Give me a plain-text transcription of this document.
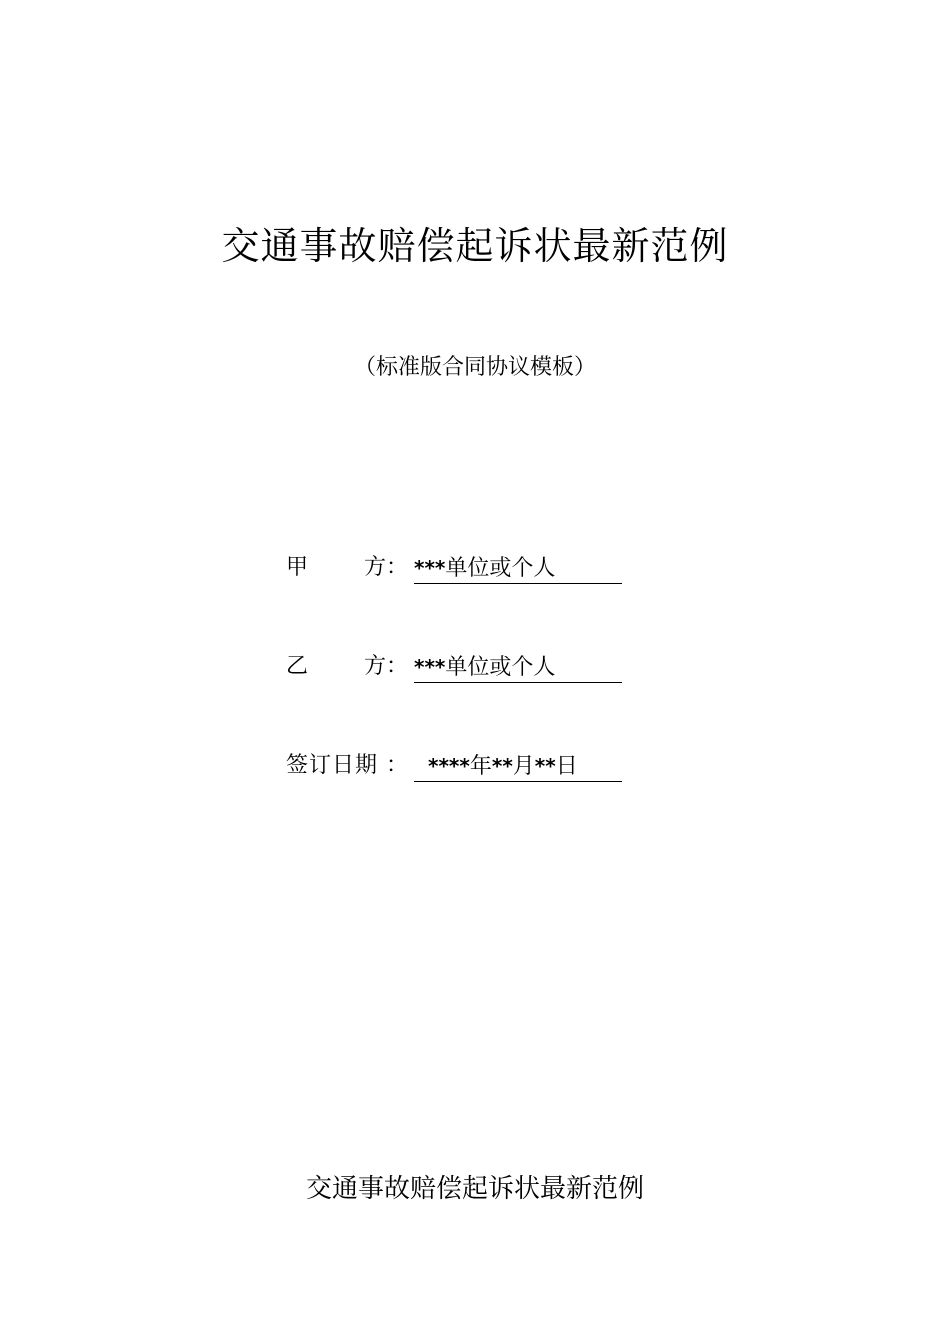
交通事故赔偿起诉状最新范例
（标准版合同协议模板）
甲	方 ： ***单位或个人
乙	方 ： ***单位或个人
签订日期 ： ****年**月**日
交通事故赔偿起诉状最新范例
